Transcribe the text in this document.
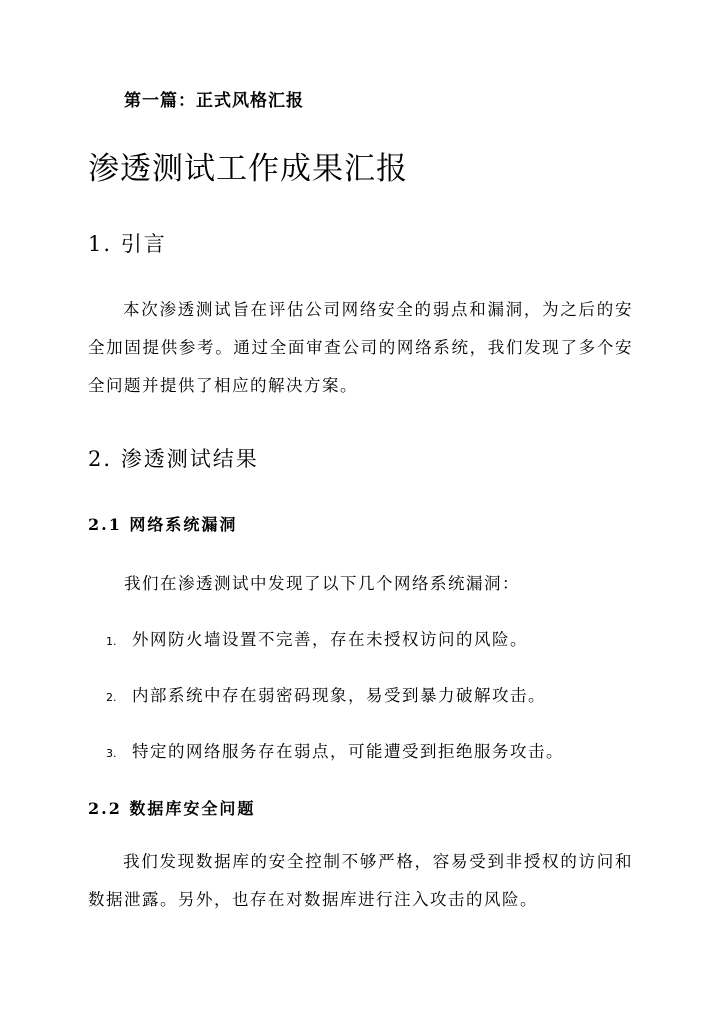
第一篇：正式风格汇报
渗透测试工作成果汇报
1. 引言
本次渗透测试旨在评估公司网络安全的弱点和漏洞，为之后的安全加固提供参考。通过全面审查公司的网络系统，我们发现了多个安全问题并提供了相应的解决方案。
2. 渗透测试结果
2.1 网络系统漏洞
我们在渗透测试中发现了以下几个网络系统漏洞：
1. 外网防火墙设置不完善，存在未授权访问的风险。
2. 内部系统中存在弱密码现象，易受到暴力破解攻击。
3. 特定的网络服务存在弱点，可能遭受到拒绝服务攻击。
2.2 数据库安全问题
我们发现数据库的安全控制不够严格，容易受到非授权的访问和数据泄露。另外，也存在对数据库进行注入攻击的风险。
